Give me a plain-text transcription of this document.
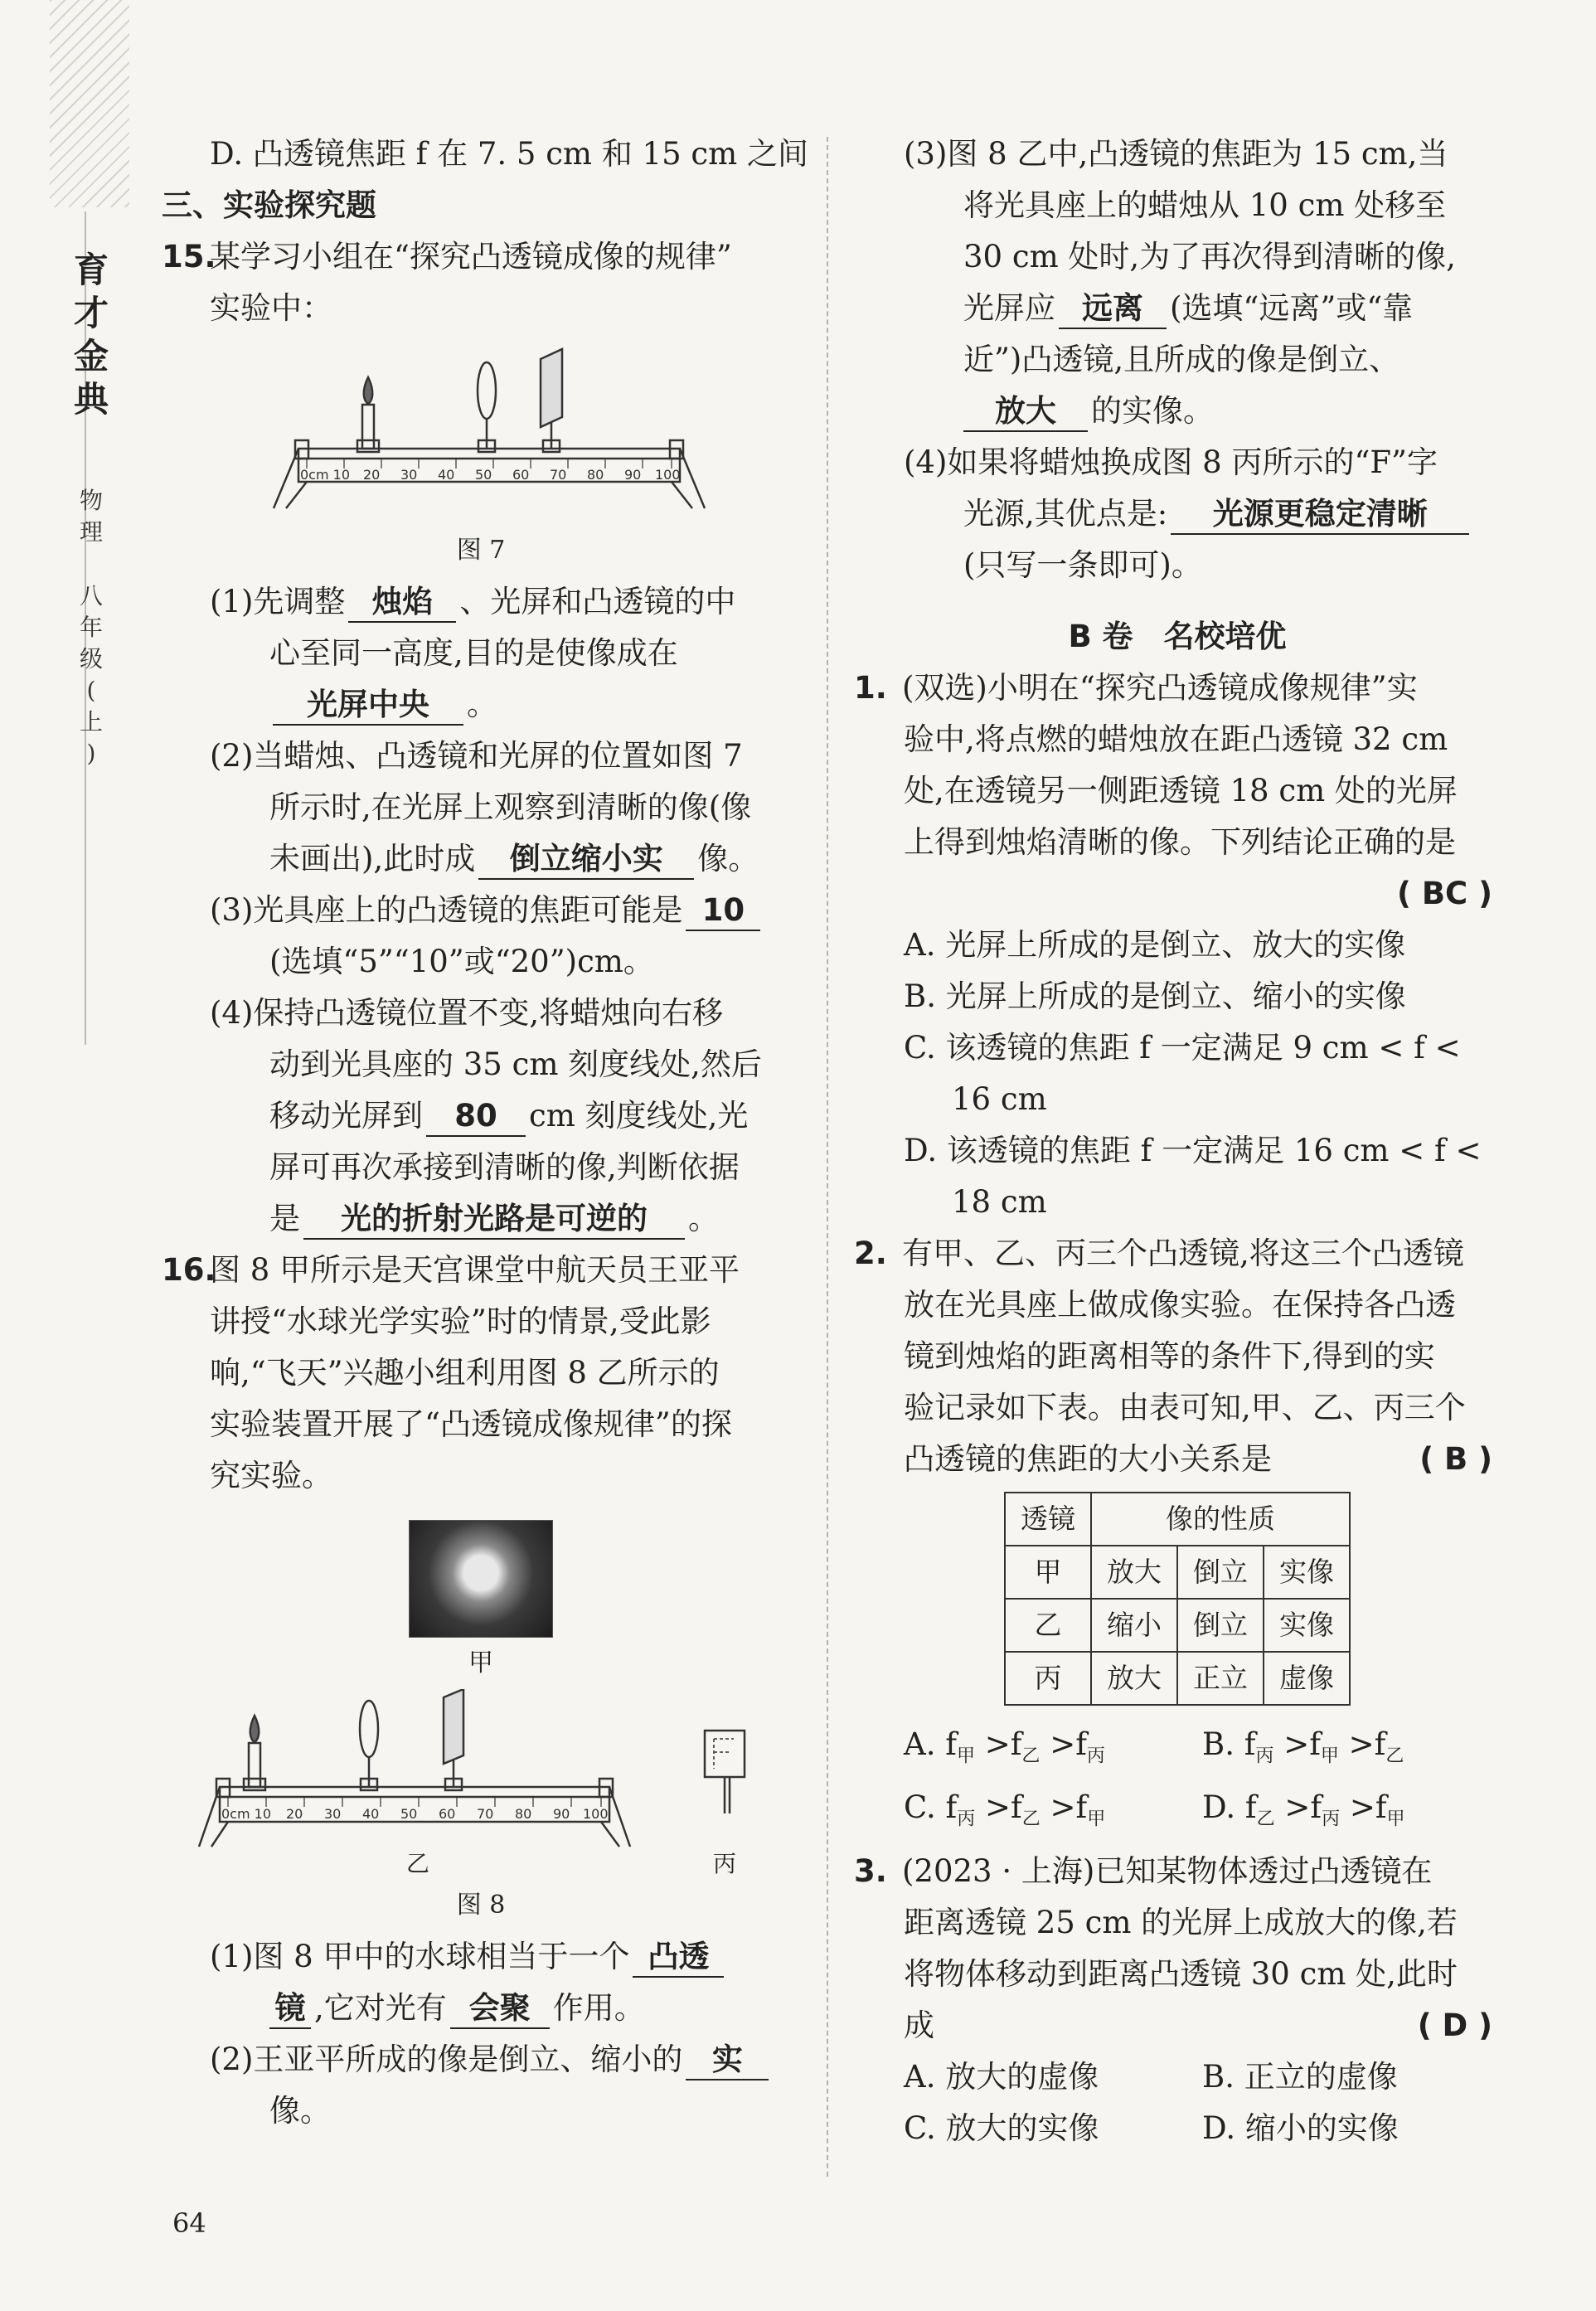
育
才
金
典
物
理
八
年
级
(
上
)
D. 凸透镜焦距 f 在 7. 5 cm 和 15 cm 之间
三、实验探究题
15.某学习小组在“探究凸透镜成像的规律”
实验中：
0cm 10 20 30 40 50 60 70 80 90 100
图 7
(1)先调整 烛焰 、光屏和凸透镜的中
心至同一高度,目的是使像成在
光屏中央 。
(2)当蜡烛、凸透镜和光屏的位置如图 7
所示时,在光屏上观察到清晰的像(像
未画出),此时成 倒立缩小实 像。
(3)光具座上的凸透镜的焦距可能是 10
(选填“5”“10”或“20”)cm。
(4)保持凸透镜位置不变,将蜡烛向右移
动到光具座的 35 cm 刻度线处,然后
移动光屏到 80 cm 刻度线处,光
屏可再次承接到清晰的像,判断依据
是 光的折射光路是可逆的 。
16.图 8 甲所示是天宫课堂中航天员王亚平
讲授“水球光学实验”时的情景,受此影
响,“飞天”兴趣小组利用图 8 乙所示的
实验装置开展了“凸透镜成像规律”的探
究实验。
甲
0cm 10 20 30 40 50 60 70 80 90 100
乙	丙
图 8
(1)图 8 甲中的水球相当于一个 凸透
镜 ,它对光有 会聚 作用。
(2)王亚平所成的像是倒立、缩小的 实
像。
(3)图 8 乙中,凸透镜的焦距为 15 cm,当
将光具座上的蜡烛从 10 cm 处移至
30 cm 处时,为了再次得到清晰的像,
光屏应 远离 (选填“远离”或“靠
近”)凸透镜,且所成的像是倒立、
放大 的实像。
(4)如果将蜡烛换成图 8 丙所示的“F”字
光源,其优点是: 光源更稳定清晰
(只写一条即可)。
B 卷　名校培优
1. (双选)小明在“探究凸透镜成像规律”实
验中,将点燃的蜡烛放在距凸透镜 32 cm
处,在透镜另一侧距透镜 18 cm 处的光屏
上得到烛焰清晰的像。下列结论正确的是
( BC )
A. 光屏上所成的是倒立、放大的实像
B. 光屏上所成的是倒立、缩小的实像
C. 该透镜的焦距 f 一定满足 9 cm < f <
16 cm
D. 该透镜的焦距 f 一定满足 16 cm < f <
18 cm
2. 有甲、乙、丙三个凸透镜,将这三个凸透镜
放在光具座上做成像实验。在保持各凸透
镜到烛焰的距离相等的条件下,得到的实
验记录如下表。由表可知,甲、乙、丙三个
凸透镜的焦距的大小关系是	( B )
透镜	像的性质		
甲	放大	倒立	实像
乙	缩小	倒立	实像
丙	放大	正立	虚像
A. $f_甲 >f_乙 >f_丙$	B. $f_丙 >f_甲 >f_乙$
C. $f_丙 >f_乙 >f_甲$	D. $f_乙 >f_丙 >f_甲$
3. (2023 · 上海)已知某物体透过凸透镜在
距离透镜 25 cm 的光屏上成放大的像,若
将物体移动到距离凸透镜 30 cm 处,此时
成	( D )
A. 放大的虚像	B. 正立的虚像
C. 放大的实像	D. 缩小的实像
64
